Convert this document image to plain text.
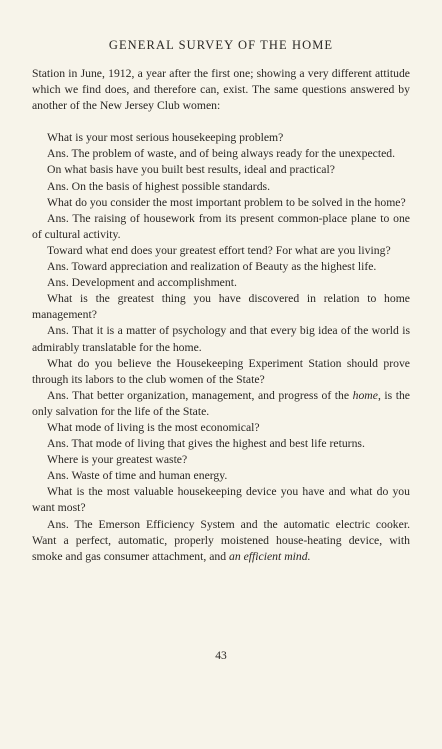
GENERAL SURVEY OF THE HOME

Station in June, 1912, a year after the first one; showing a very different attitude which we find does, and therefore can, exist. The same questions answered by another of the New Jersey Club women:

What is your most serious housekeeping problem?

Ans. The problem of waste, and of being always ready for the unexpected.

On what basis have you built best results, ideal and practical?

Ans. On the basis of highest possible standards.

What do you consider the most important problem to be solved in the home?

Ans. The raising of housework from its present common-place plane to one of cultural activity.

Toward what end does your greatest effort tend? For what are you living?

Ans. Toward appreciation and realization of Beauty as the highest life.

Ans. Development and accomplishment.

What is the greatest thing you have discovered in relation to home management?

Ans. That it is a matter of psychology and that every big idea of the world is admirably translatable for the home.

What do you believe the Housekeeping Experiment Station should prove through its labors to the club women of the State?

Ans. That better organization, management, and progress of the home, is the only salvation for the life of the State.

What mode of living is the most economical?

Ans. That mode of living that gives the highest and best life returns.

Where is your greatest waste?

Ans. Waste of time and human energy.

What is the most valuable housekeeping device you have and what do you want most?

Ans. The Emerson Efficiency System and the automatic electric cooker. Want a perfect, automatic, properly moistened house-heating device, with smoke and gas consumer attachment, and an efficient mind.

43
